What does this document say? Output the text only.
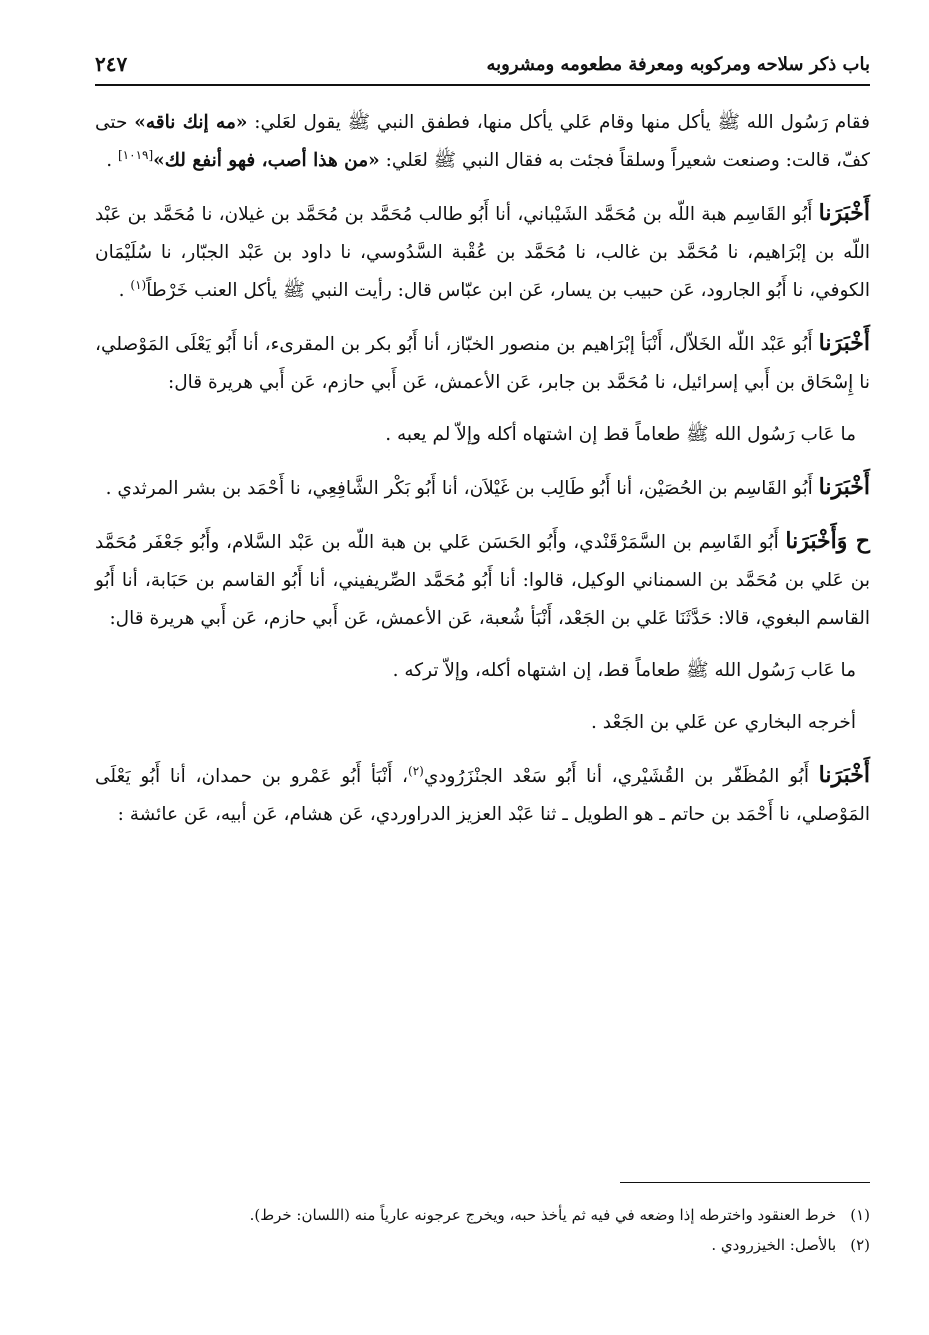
باب ذكر سلاحه ومركوبه ومعرفة مطعومه ومشروبه
٢٤٧

فقام رَسُول الله ﷺ يأكل منها وقام عَلي يأكل منها، فطفق النبي ﷺ يقول لعَلي: «مه إنك ناقه» حتى كفّ، قالت: وصنعت شعيراً وسلقاً فجئت به فقال النبي ﷺ لعَلي: «من هذا أصب، فهو أنفع لك»[١٠١٩] .

أَخْبَرَنا أَبُو القَاسِم هبة اللّه بن مُحَمَّد الشَيْباني، أنا أَبُو طالب مُحَمَّد بن مُحَمَّد بن غيلان، نا مُحَمَّد بن عَبْد اللّه بن إبْرَاهيم، نا مُحَمَّد بن غالب، نا مُحَمَّد بن عُقْبة السَّدُوسي، نا داود بن عَبْد الجبّار، نا سُلَيْمَان الكوفي، نا أَبُو الجارود، عَن حبيب بن يسار، عَن ابن عبّاس قال: رأيت النبي ﷺ يأكل العنب خَرْطاً$^{(١)}$ .

أَخْبَرَنا أَبُو عَبْد اللّه الخَلاّل، أَنْبَأ إبْرَاهيم بن منصور الخبّاز، أنا أَبُو بكر بن المقرىء، أنا أَبُو يَعْلَى المَوْصلي، نا إِسْحَاق بن أَبي إسرائيل، نا مُحَمَّد بن جابر، عَن الأعمش، عَن أَبي حازم، عَن أَبي هريرة قال:

ما عَاب رَسُول الله ﷺ طعاماً قط إن اشتهاه أكله وإلاّ لم يعبه .

أَخْبَرَنا أَبُو القَاسِم بن الحُصَيْن، أنا أَبُو طَالِب بن غَيْلاَن، أنا أَبُو بَكْر الشَّافِعِي، نا أَحْمَد بن بشر المرثدي .

ح وَأَخْبَرَنا أَبُو القَاسِم بن السَّمَرْقَنْدي، وأَبُو الحَسَن عَلي بن هبة اللّه بن عَبْد السَّلام، وأَبُو جَعْفَر مُحَمَّد بن عَلي بن مُحَمَّد بن السمناني الوكيل، قالوا: أنا أَبُو مُحَمَّد الصِّريفيني، أنا أَبُو القاسم بن حَبَابة، أنا أَبُو القاسم البغوي، قالا: حَدَّثَنَا عَلي بن الجَعْد، أَنْبَأ شُعبة، عَن الأعمش، عَن أَبي حازم، عَن أَبي هريرة قال:

ما عَاب رَسُول الله ﷺ طعاماً قط، إن اشتهاه أكله، وإلاّ تركه .

أخرجه البخاري عن عَلي بن الجَعْد .

أَخْبَرَنا أَبُو المُظَفّر بن القُشَيْري، أنا أَبُو سَعْد الجنْزَرُودي$^{(٢)}$، أَنْبَأ أَبُو عَمْرو بن حمدان، أنا أَبُو يَعْلَى المَوْصلي، نا أَحْمَد بن حاتم ـ هو الطويل ـ ثنا عَبْد العزيز الدراوردي، عَن هشام، عَن أبيه، عَن عائشة :

(١)خرط العنقود واخترطه إذا وضعه في فيه ثم يأخذ حبه، ويخرج عرجونه عارياً منه (اللسان: خرط).
(٢)بالأصل: الخيزرودي .
